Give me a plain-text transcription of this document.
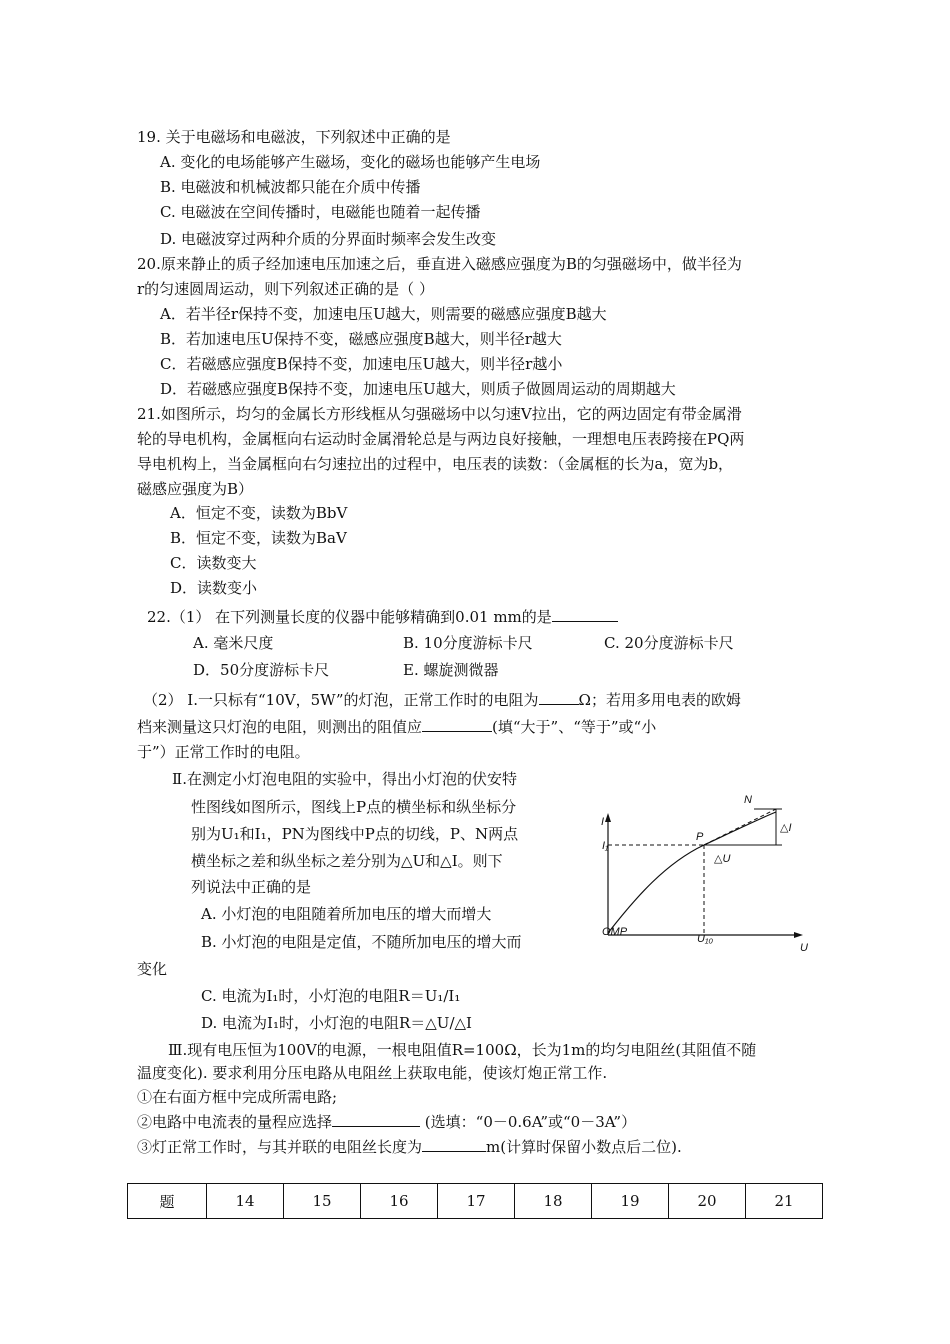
19. 关于电磁场和电磁波，下列叙述中正确的是
A. 变化的电场能够产生磁场，变化的磁场也能够产生电场
B. 电磁波和机械波都只能在介质中传播
C. 电磁波在空间传播时，电磁能也随着一起传播
D. 电磁波穿过两种介质的分界面时频率会发生改变
20.原来静止的质子经加速电压加速之后，垂直进入磁感应强度为B的匀强磁场中，做半径为
r的匀速圆周运动，则下列叙述正确的是（ ）
A．若半径r保持不变，加速电压U越大，则需要的磁感应强度B越大
B．若加速电压U保持不变，磁感应强度B越大，则半径r越大
C．若磁感应强度B保持不变，加速电压U越大，则半径r越小
D．若磁感应强度B保持不变，加速电压U越大，则质子做圆周运动的周期越大
21.如图所示，均匀的金属长方形线框从匀强磁场中以匀速V拉出，它的两边固定有带金属滑
轮的导电机构，金属框向右运动时金属滑轮总是与两边良好接触，一理想电压表跨接在PQ两
导电机构上，当金属框向右匀速拉出的过程中，电压表的读数：（金属框的长为a，宽为b，
磁感应强度为B）
A．恒定不变，读数为BbV
B．恒定不变，读数为BaV
C．读数变大
D．读数变小
22.（1） 在下列测量长度的仪器中能够精确到0.01 mm的是
A. 毫米尺度	B. 10分度游标卡尺	C. 20分度游标卡尺
D．50分度游标卡尺	E. 螺旋测微器
（2） Ⅰ.一只标有“10V，5W”的灯泡，正常工作时的电阻为	Ω；若用多用电表的欧姆
档来测量这只灯泡的电阻，则测出的阻值应	(填“大于”、“等于”或“小
于”）正常工作时的电阻。
Ⅱ.在测定小灯泡电阻的实验中，得出小灯泡的伏安特
性图线如图所示，图线上P点的横坐标和纵坐标分
别为U₁和I₁，PN为图线中P点的切线，P、N两点
横坐标之差和纵坐标之差分别为△U和△I。则下
列说法中正确的是
A. 小灯泡的电阻随着所加电压的增大而增大
B. 小灯泡的电阻是定值，不随所加电压的增大而
变化
C. 电流为I₁时，小灯泡的电阻R＝U₁/I₁
D. 电流为I₁时，小灯泡的电阻R＝△U/△I
I
U
P
N
△U
△I
I₁
U₁₀
OMP
Ⅲ.现有电压恒为100V的电源，一根电阻值R=100Ω，长为1m的均匀电阻丝(其阻值不随
温度变化). 要求利用分压电路从电阻丝上获取电能，使该灯炮正常工作.
①在右面方框中完成所需电路;
②电路中电流表的量程应选择	(选填：“0－0.6A”或“0－3A”）
③灯正常工作时，与其并联的电阻丝长度为	m(计算时保留小数点后二位).
题	14	15	16	17	18	19	20	21
